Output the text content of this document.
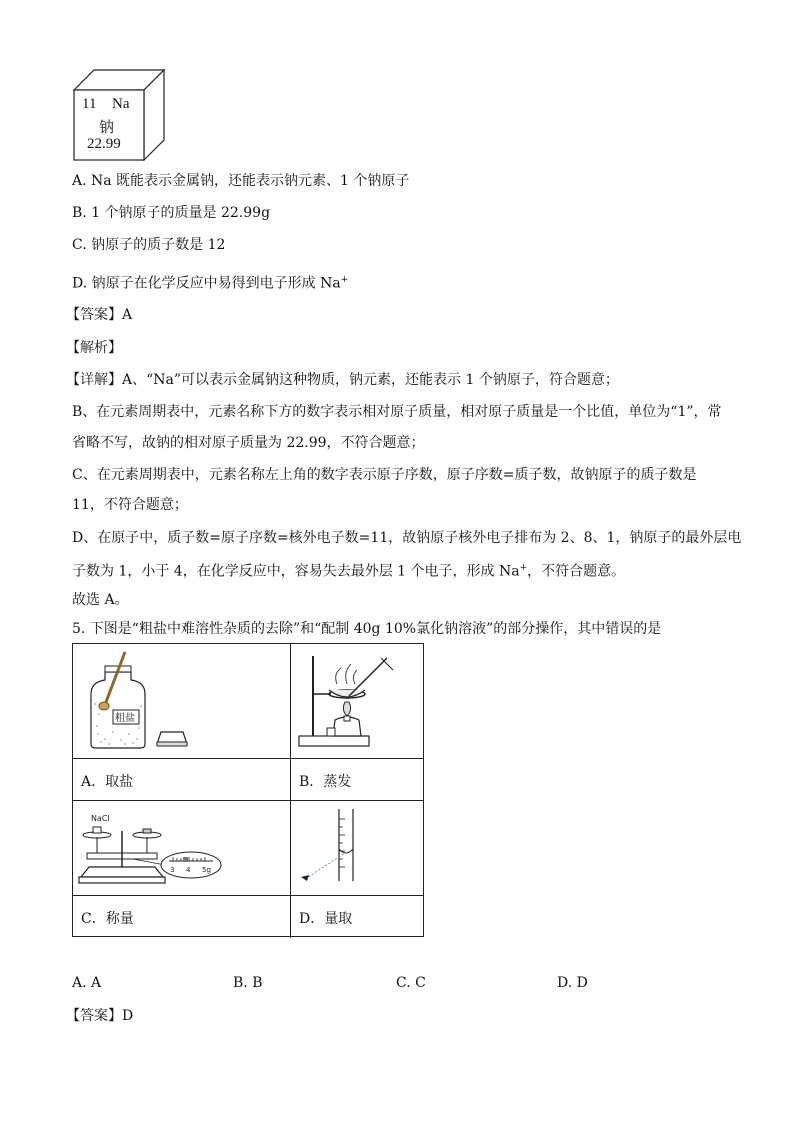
11 Na
钠
22.99
A. Na 既能表示金属钠，还能表示钠元素、1 个钠原子
B. 1 个钠原子的质量是 22.99g
C. 钠原子的质子数是 12
D. 钠原子在化学反应中易得到电子形成 Na+
【答案】A
【解析】
【详解】A、“Na”可以表示金属钠这种物质，钠元素，还能表示 1 个钠原子，符合题意；
B、在元素周期表中，元素名称下方的数字表示相对原子质量，相对原子质量是一个比值，单位为“1”，常
省略不写，故钠的相对原子质量为 22.99，不符合题意；
C、在元素周期表中，元素名称左上角的数字表示原子序数，原子序数=质子数，故钠原子的质子数是
11，不符合题意；
D、在原子中，质子数=原子序数=核外电子数=11，故钠原子核外电子排布为 2、8、1，钠原子的最外层电
子数为 1，小于 4，在化学反应中，容易失去最外层 1 个电子，形成 Na+，不符合题意。
故选 A。
5. 下图是“粗盐中难溶性杂质的去除”和“配制 40g 10%氯化钠溶液”的部分操作，其中错误的是
粗盐
A．取盐	B．蒸发
NaCl
3 4 5g
C．称量	D．量取
A. A	B. B	C. C	D. D
【答案】D
